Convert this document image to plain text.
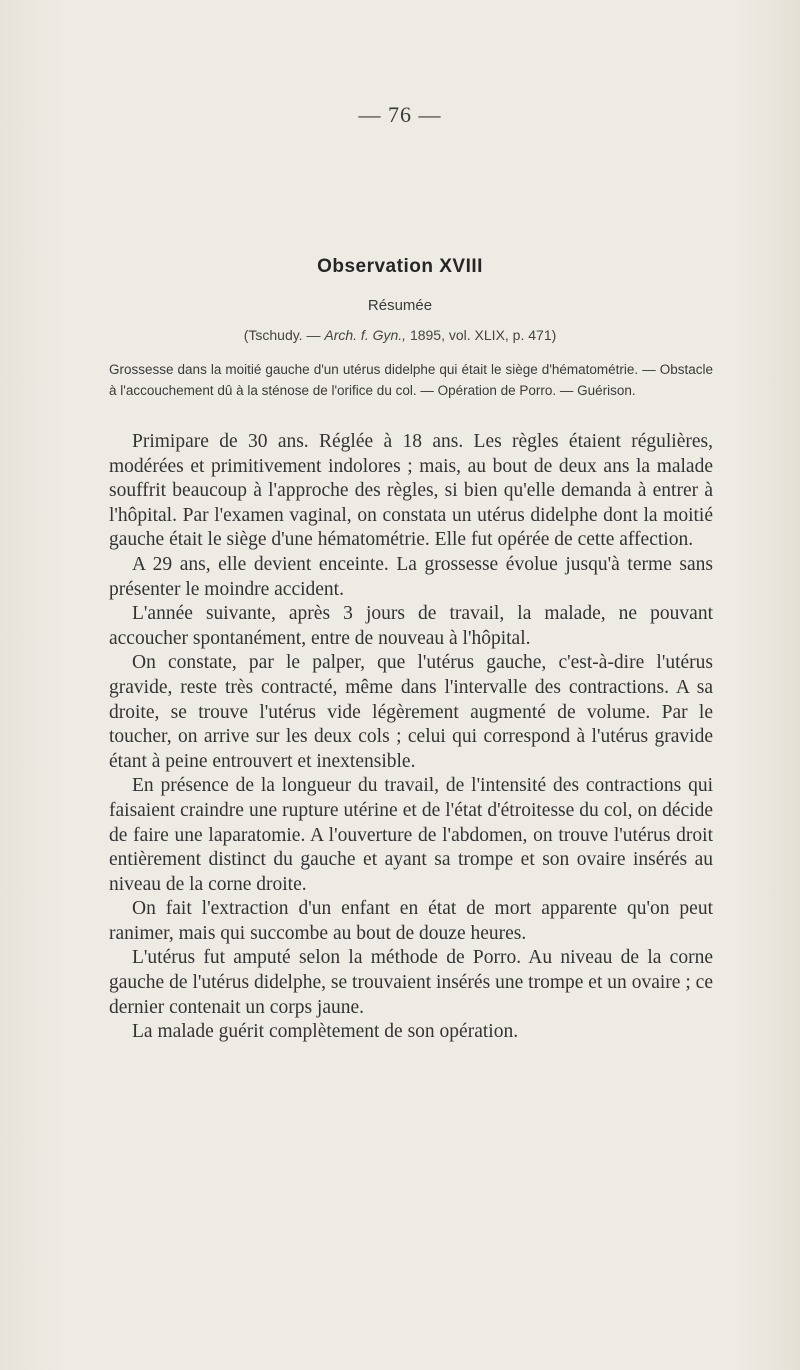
— 76 —
Observation XVIII
Résumée
(Tschudy. — Arch. f. Gyn., 1895, vol. XLIX, p. 471)
Grossesse dans la moitié gauche d'un utérus didelphe qui était le siège d'hématométrie. — Obstacle à l'accouchement dû à la sténose de l'orifice du col. — Opération de Porro. — Guérison.

Primipare de 30 ans. Réglée à 18 ans. Les règles étaient régulières, modérées et primitivement indolores ; mais, au bout de deux ans la malade souffrit beaucoup à l'approche des règles, si bien qu'elle demanda à entrer à l'hôpital. Par l'examen vaginal, on constata un utérus didelphe dont la moitié gauche était le siège d'une hématométrie. Elle fut opérée de cette affection.

A 29 ans, elle devient enceinte. La grossesse évolue jusqu'à terme sans présenter le moindre accident.

L'année suivante, après 3 jours de travail, la malade, ne pouvant accoucher spontanément, entre de nouveau à l'hôpital.

On constate, par le palper, que l'utérus gauche, c'est-à-dire l'utérus gravide, reste très contracté, même dans l'intervalle des contractions. A sa droite, se trouve l'utérus vide légèrement augmenté de volume. Par le toucher, on arrive sur les deux cols ; celui qui correspond à l'utérus gravide étant à peine entrouvert et inextensible.

En présence de la longueur du travail, de l'intensité des contractions qui faisaient craindre une rupture utérine et de l'état d'étroitesse du col, on décide de faire une laparatomie. A l'ouverture de l'abdomen, on trouve l'utérus droit entièrement distinct du gauche et ayant sa trompe et son ovaire insérés au niveau de la corne droite.

On fait l'extraction d'un enfant en état de mort apparente qu'on peut ranimer, mais qui succombe au bout de douze heures.

L'utérus fut amputé selon la méthode de Porro. Au niveau de la corne gauche de l'utérus didelphe, se trouvaient insérés une trompe et un ovaire ; ce dernier contenait un corps jaune.

La malade guérit complètement de son opération.
